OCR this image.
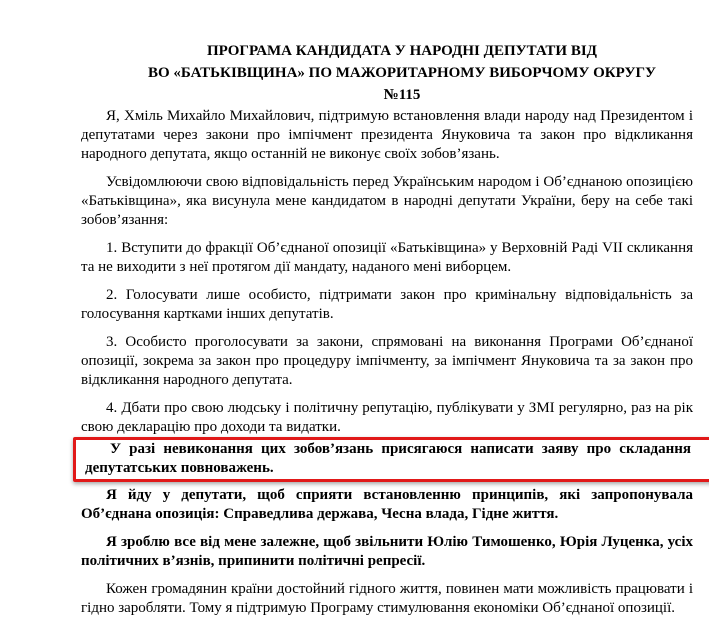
ПРОГРАМА КАНДИДАТА У НАРОДНІ ДЕПУТАТИ ВІД
ВО «БАТЬКІВЩИНА» ПО МАЖОРИТАРНОМУ ВИБОРЧОМУ ОКРУГУ
№115

Я, Хміль Михайло Михайлович, підтримую встановлення влади народу над Президентом і депутатами через закони про імпічмент президента Януковича та закон про відкликання народного депутата, якщо останній не виконує своїх зобов’язань.

Усвідомлюючи свою відповідальність перед Українським народом і Об’єднаною опозицією «Батьківщина», яка висунула мене кандидатом в народні депутати України, беру на себе такі зобов’язання:

1. Вступити до фракції Об’єднаної опозиції «Батьківщина» у Верховній Раді VII скликання та не виходити з неї протягом дії мандату, наданого мені виборцем.

2. Голосувати лише особисто, підтримати закон про кримінальну відповідальність за голосування картками інших депутатів.

3. Особисто проголосувати за закони, спрямовані на виконання Програми Об’єднаної опозиції, зокрема за закон про процедуру імпічменту, за імпічмент Януковича та за закон про відкликання народного депутата.

4. Дбати про свою людську і політичну репутацію, публікувати у ЗМІ регулярно, раз на рік свою декларацію про доходи та видатки.

У разі невиконання цих зобов’язань присягаюся написати заяву про складання депутатських повноважень.

Я йду у депутати, щоб сприяти встановленню принципів, які запропонувала Об’єднана опозиція: Справедлива держава, Чесна влада, Гідне життя.

Я зроблю все від мене залежне, щоб звільнити Юлію Тимошенко, Юрія Луценка, усіх політичних в’язнів, припинити політичні репресії.

Кожен громадянин країни достойний гідного життя, повинен мати можливість працювати і гідно заробляти. Тому я підтримую Програму стимулювання економіки Об’єднаної опозиції.
